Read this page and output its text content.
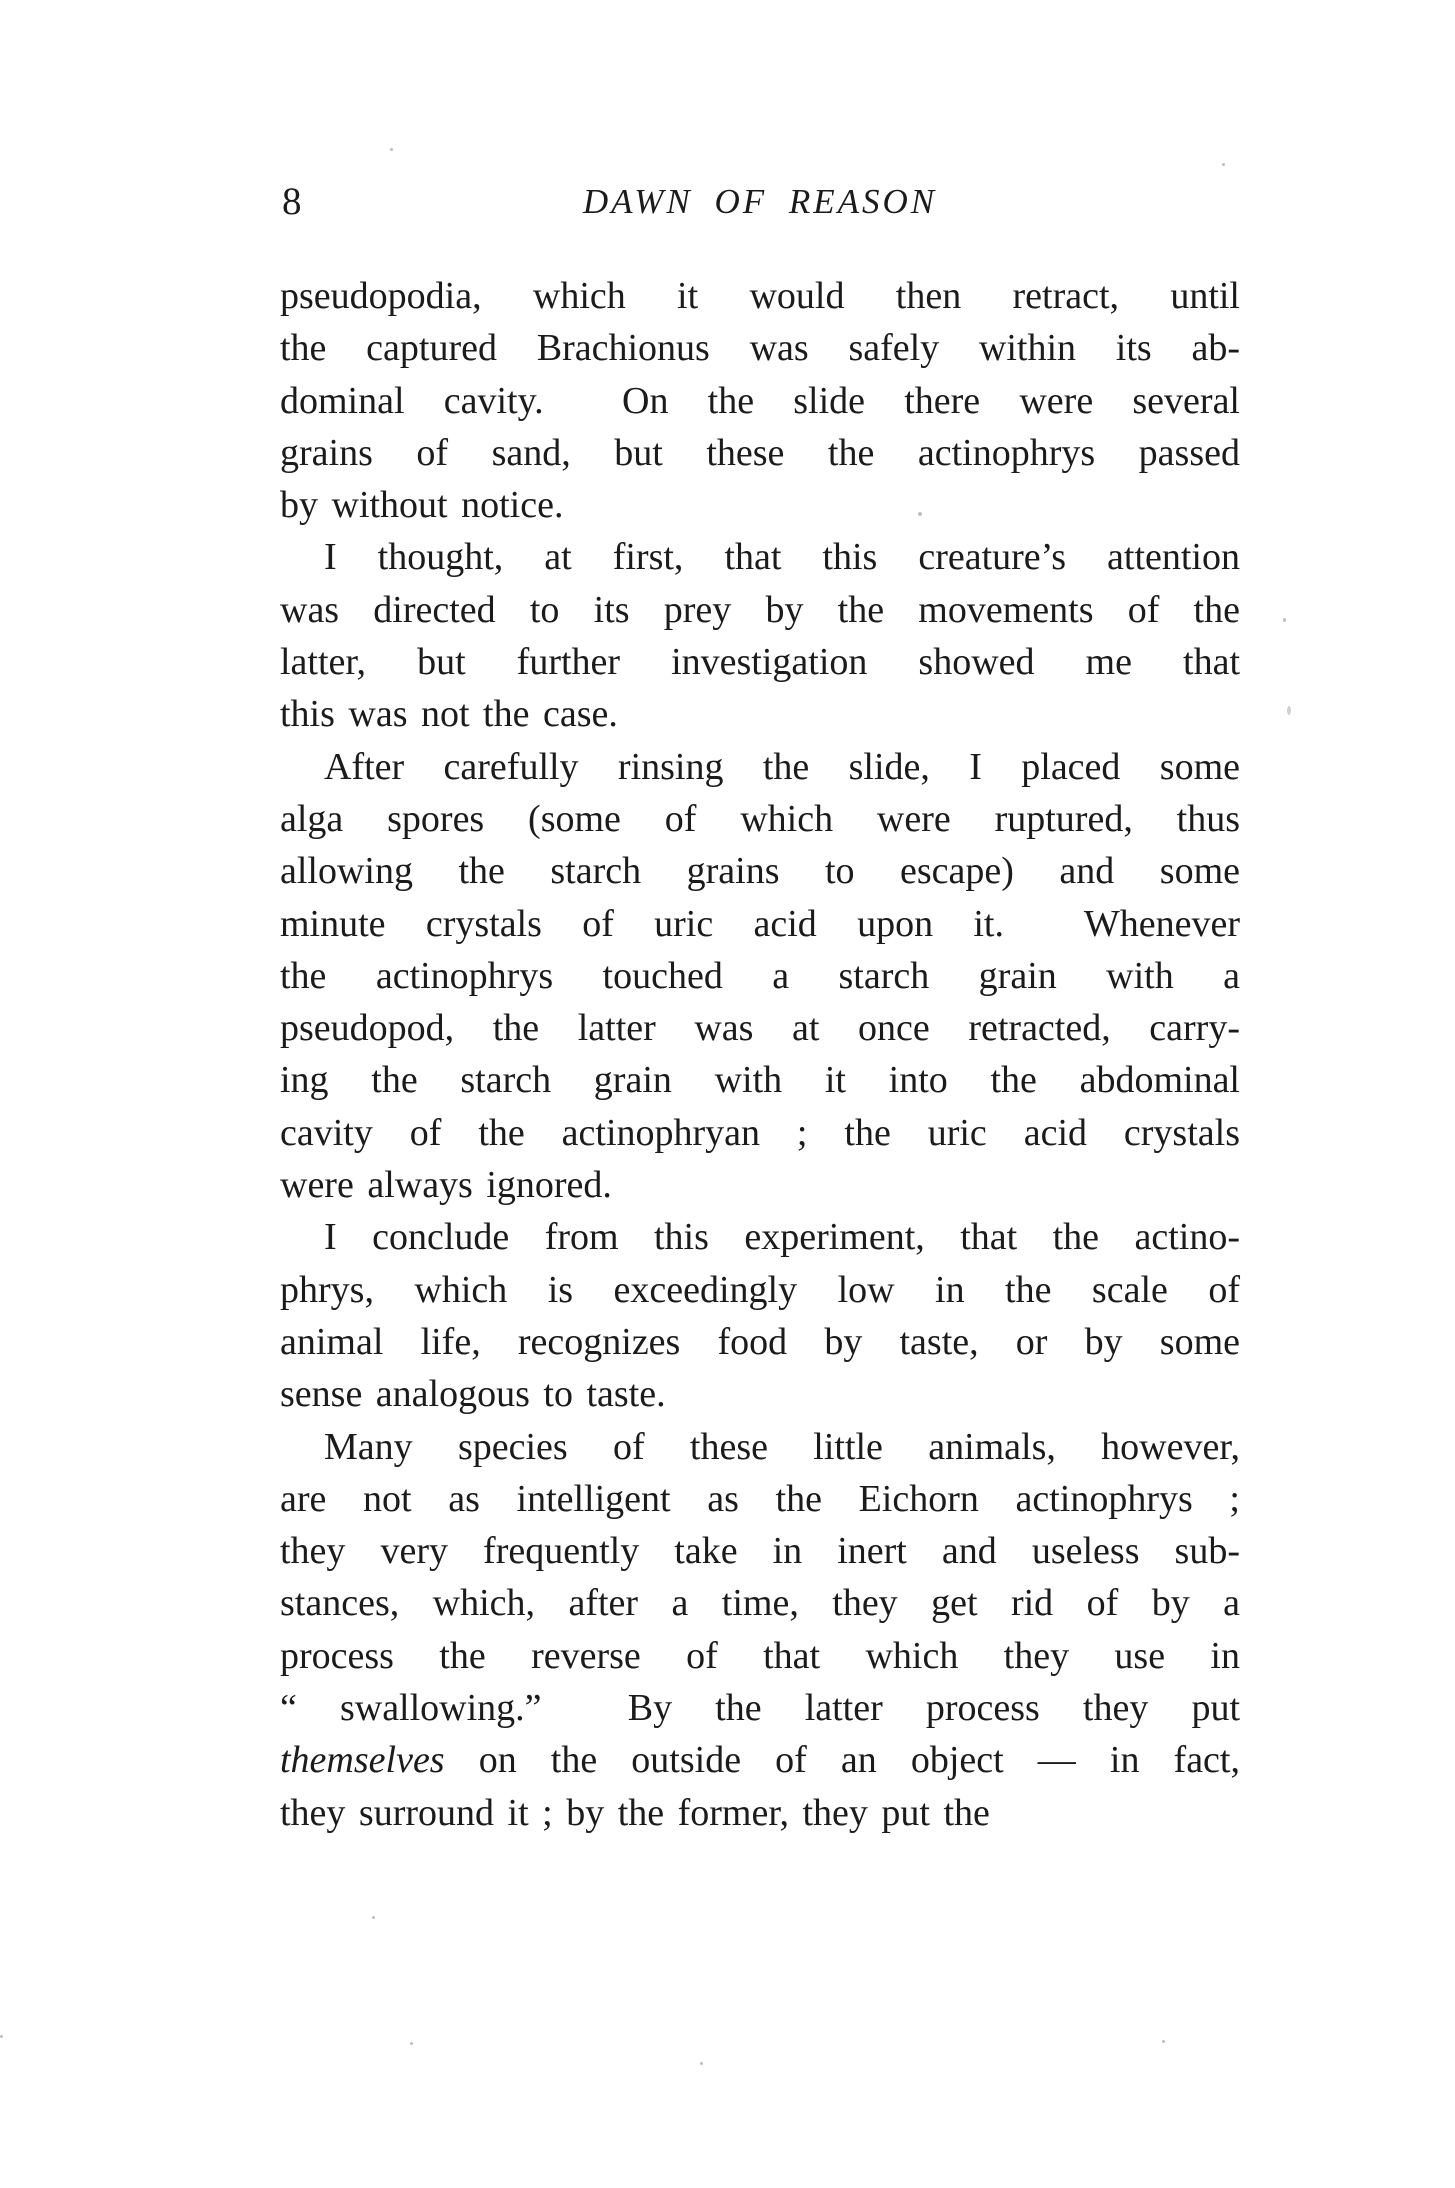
8	DAWN OF REASON
pseudopodia, which it would then retract, until
the captured Brachionus was safely within its ab-
dominal cavity.  On the slide there were several
grains of sand, but these the actinophrys passed
by without notice.
I thought, at first, that this creature’s attention
was directed to its prey by the movements of the
latter, but further investigation showed me that
this was not the case.
After carefully rinsing the slide, I placed some
alga spores (some of which were ruptured, thus
allowing the starch grains to escape) and some
minute crystals of uric acid upon it.  Whenever
the actinophrys touched a starch grain with a
pseudopod, the latter was at once retracted, carry-
ing the starch grain with it into the abdominal
cavity of the actinophryan ; the uric acid crystals
were always ignored.
I conclude from this experiment, that the actino-
phrys, which is exceedingly low in the scale of
animal life, recognizes food by taste, or by some
sense analogous to taste.
Many species of these little animals, however,
are not as intelligent as the Eichorn actinophrys ;
they very frequently take in inert and useless sub-
stances, which, after a time, they get rid of by a
process the reverse of that which they use in
“ swallowing.”  By the latter process they put
themselves on the outside of an object — in fact,
they surround it ; by the former, they put the
